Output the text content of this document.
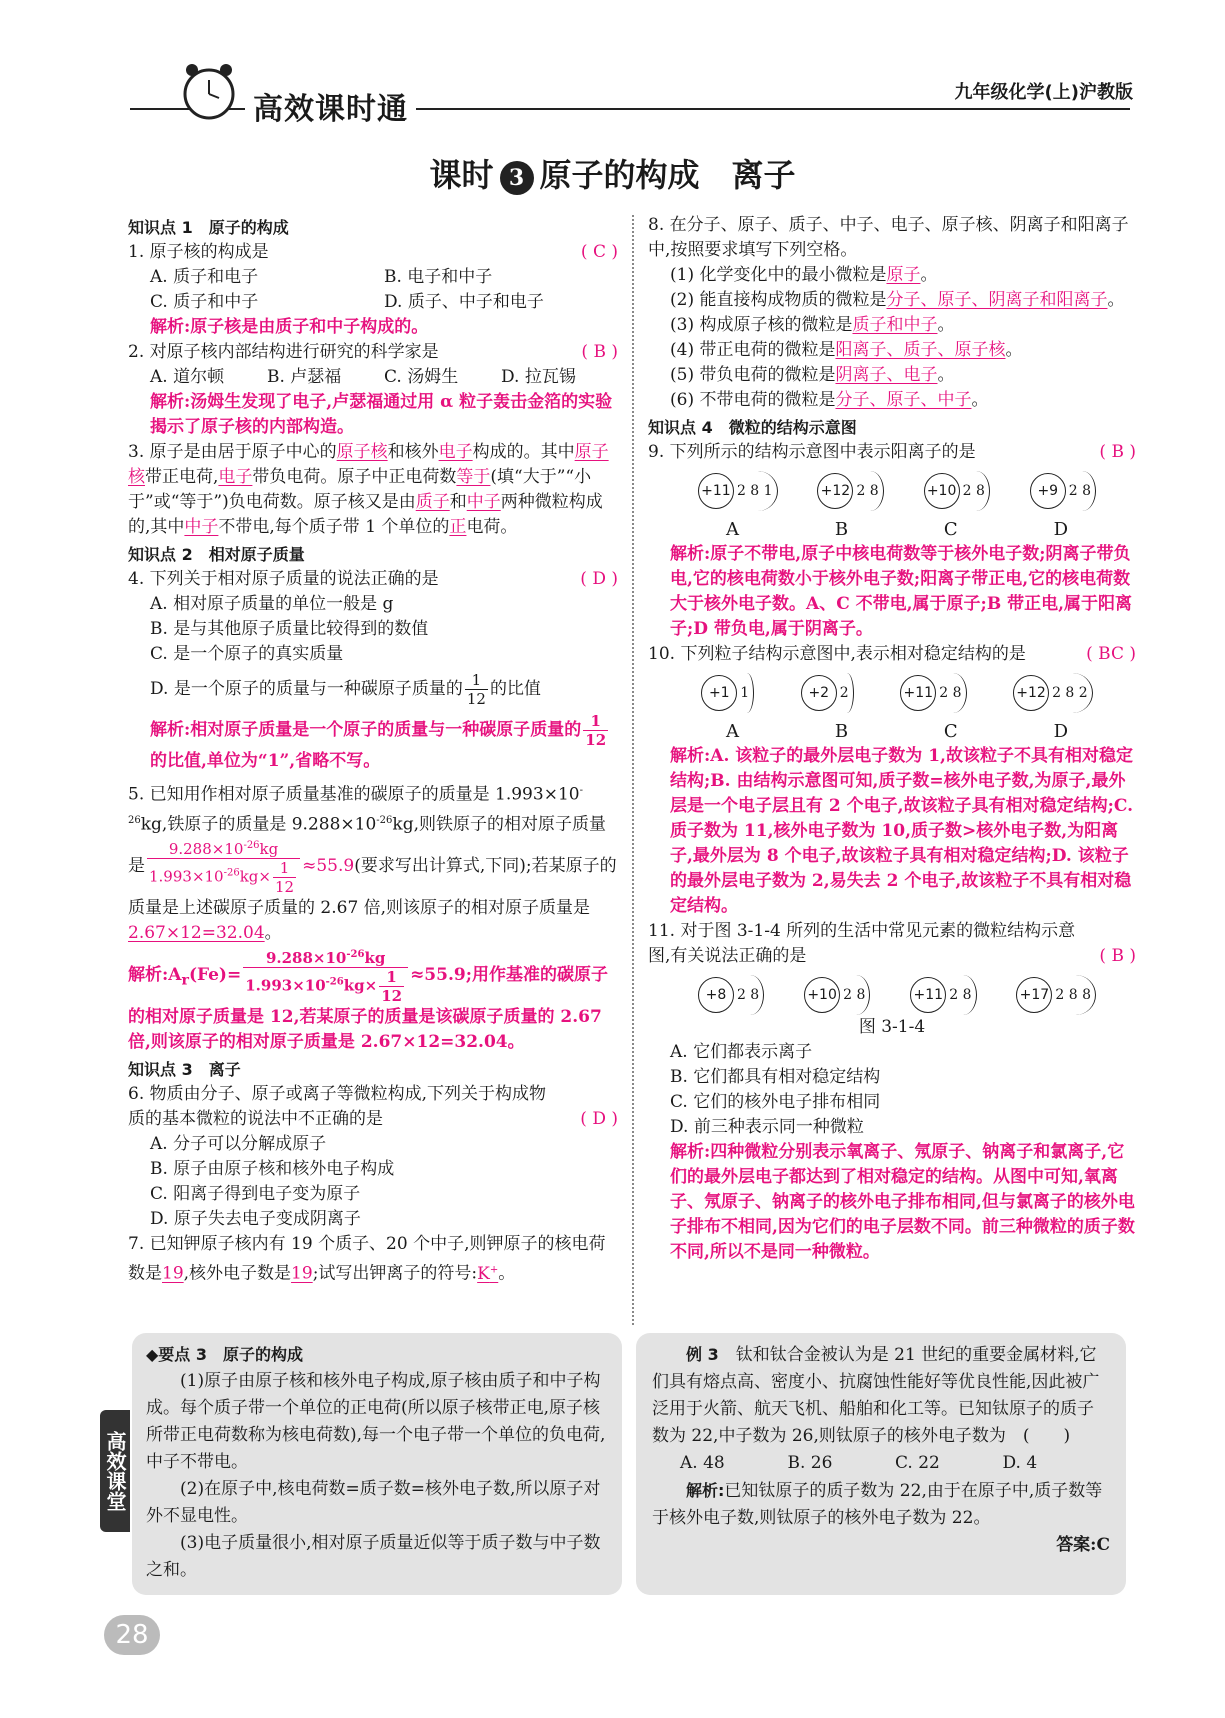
高效课时通	九年级化学(上)沪教版
课时 3 原子的构成　离子
知识点 1　原子的构成
1. 原子核的构成是	( C )
A. 质子和电子	B. 电子和中子
C. 质子和中子	D. 质子、中子和电子
解析:原子核是由质子和中子构成的。
2. 对原子核内部结构进行研究的科学家是	( B )
A. 道尔顿	B. 卢瑟福	C. 汤姆生	D. 拉瓦锡
解析:汤姆生发现了电子,卢瑟福通过用 α 粒子轰击金箔的实验揭示了原子核的内部构造。
3. 原子是由居于原子中心的原子核和核外电子构成的。其中原子核带正电荷,电子带负电荷。原子中正电荷数等于(填“大于”“小于”或“等于”)负电荷数。原子核又是由质子和中子两种微粒构成的,其中中子不带电,每个质子带 1 个单位的正电荷。
知识点 2　相对原子质量
4. 下列关于相对原子质量的说法正确的是	( D )
A. 相对原子质量的单位一般是 g
B. 是与其他原子质量比较得到的数值
C. 是一个原子的真实质量
D. 是一个原子的质量与一种碳原子质量的 $\frac{1}{12}$ 的比值
解析:相对原子质量是一个原子的质量与一种碳原子质量的 $\frac{1}{12}$
的比值,单位为“1”,省略不写。
5. 已知用作相对原子质量基准的碳原子的质量是 $1.993\times 10^{-26}kg$,铁原子的质量是 $9.288\times 10^{-26}kg$,则铁原子的相对原子质量是 $\frac{9.288\times 10^{-26}kg}{1.993\times 10^{-26}kg\times \frac{1}{12}} \approx 55.9$(要求写出计算式,下同);若某原子的质量是上述碳原子质量的 2.67 倍,则该原子的相对原子质量是2.67×12=32.04。
解析$:A_r(Fe)= \frac{9.288\times 10^{-26}kg}{1.993\times 10^{-26}kg\times \frac{1}{12}} \approx 55.9$;用作基准的碳原子的相对原子质量是 12,若某原子的质量是该碳原子质量的 2.67 倍,则该原子的相对原子质量是 2.67×12=32.04。
知识点 3　离子
6. 物质由分子、原子或离子等微粒构成,下列关于构成物质的基本微粒的说法中不正确的是	( D )
A. 分子可以分解成原子
B. 原子由原子核和核外电子构成
C. 阳离子得到电子变为原子
D. 原子失去电子变成阴离子
7. 已知钾原子核内有 19 个质子、20 个中子,则钾原子的核电荷数是19,核外电子数是19;试写出钾离子的符号:K+。
8. 在分子、原子、质子、中子、电子、原子核、阴离子和阳离子中,按照要求填写下列空格。
(1) 化学变化中的最小微粒是原子。
(2) 能直接构成物质的微粒是分子、原子、阴离子和阳离子。
(3) 构成原子核的微粒是质子和中子。
(4) 带正电荷的微粒是阳离子、质子、原子核。
(5) 带负电荷的微粒是阴离子、电子。
(6) 不带电荷的微粒是分子、原子、中子。
知识点 4　微粒的结构示意图
9. 下列所示的结构示意图中表示阳离子的是	( B )
+11 2 8 1	+12 2 8	+10 2 8	+9 2 8
A	B	C	D
解析:原子不带电,原子中核电荷数等于核外电子数;阴离子带负电,它的核电荷数小于核外电子数;阳离子带正电,它的核电荷数大于核外电子数。A、C 不带电,属于原子;B 带正电,属于阳离子;D 带负电,属于阴离子。
10. 下列粒子结构示意图中,表示相对稳定结构的是	( BC )
+1 1	+2 2	+11 2 8	+12 2 8 2
A	B	C	D
解析:A. 该粒子的最外层电子数为 1,故该粒子不具有相对稳定结构;B. 由结构示意图可知,质子数=核外电子数,为原子,最外层是一个电子层且有 2 个电子,故该粒子具有相对稳定结构;C. 质子数为 11,核外电子数为 10,质子数>核外电子数,为阳离子,最外层为 8 个电子,故该粒子具有相对稳定结构;D. 该粒子的最外层电子数为 2,易失去 2 个电子,故该粒子不具有相对稳定结构。
11. 对于图 3-1-4 所列的生活中常见元素的微粒结构示意图,有关说法正确的是	( B )
+8 2 8	+10 2 8	+11 2 8	+17 2 8 8
图 3-1-4
A. 它们都表示离子
B. 它们都具有相对稳定结构
C. 它们的核外电子排布相同
D. 前三种表示同一种微粒
解析:四种微粒分别表示氧离子、氖原子、钠离子和氯离子,它们的最外层电子都达到了相对稳定的结构。从图中可知,氧离子、氖原子、钠离子的核外电子排布相同,但与氯离子的核外电子排布不相同,因为它们的电子层数不同。前三种微粒的质子数不同,所以不是同一种微粒。
◆要点 3　原子的构成
(1)原子由原子核和核外电子构成,原子核由质子和中子构成。每个质子带一个单位的正电荷(所以原子核带正电,原子核所带正电荷数称为核电荷数),每一个电子带一个单位的负电荷,中子不带电。
(2)在原子中,核电荷数=质子数=核外电子数,所以原子对外不显电性。
(3)电子质量很小,相对原子质量近似等于质子数与中子数之和。
例 3　 钛和钛合金被认为是 21 世纪的重要金属材料,它们具有熔点高、密度小、抗腐蚀性能好等优良性能,因此被广泛用于火箭、航天飞机、船舶和化工等。已知钛原子的质子数为 22,中子数为 26,则钛原子的核外电子数为　(　　)
A. 48	B. 26	C. 22	D. 4
解析:已知钛原子的质子数为 22,由于在原子中,质子数等于核外电子数,则钛原子的核外电子数为 22。
答案:C
高效课堂
28
